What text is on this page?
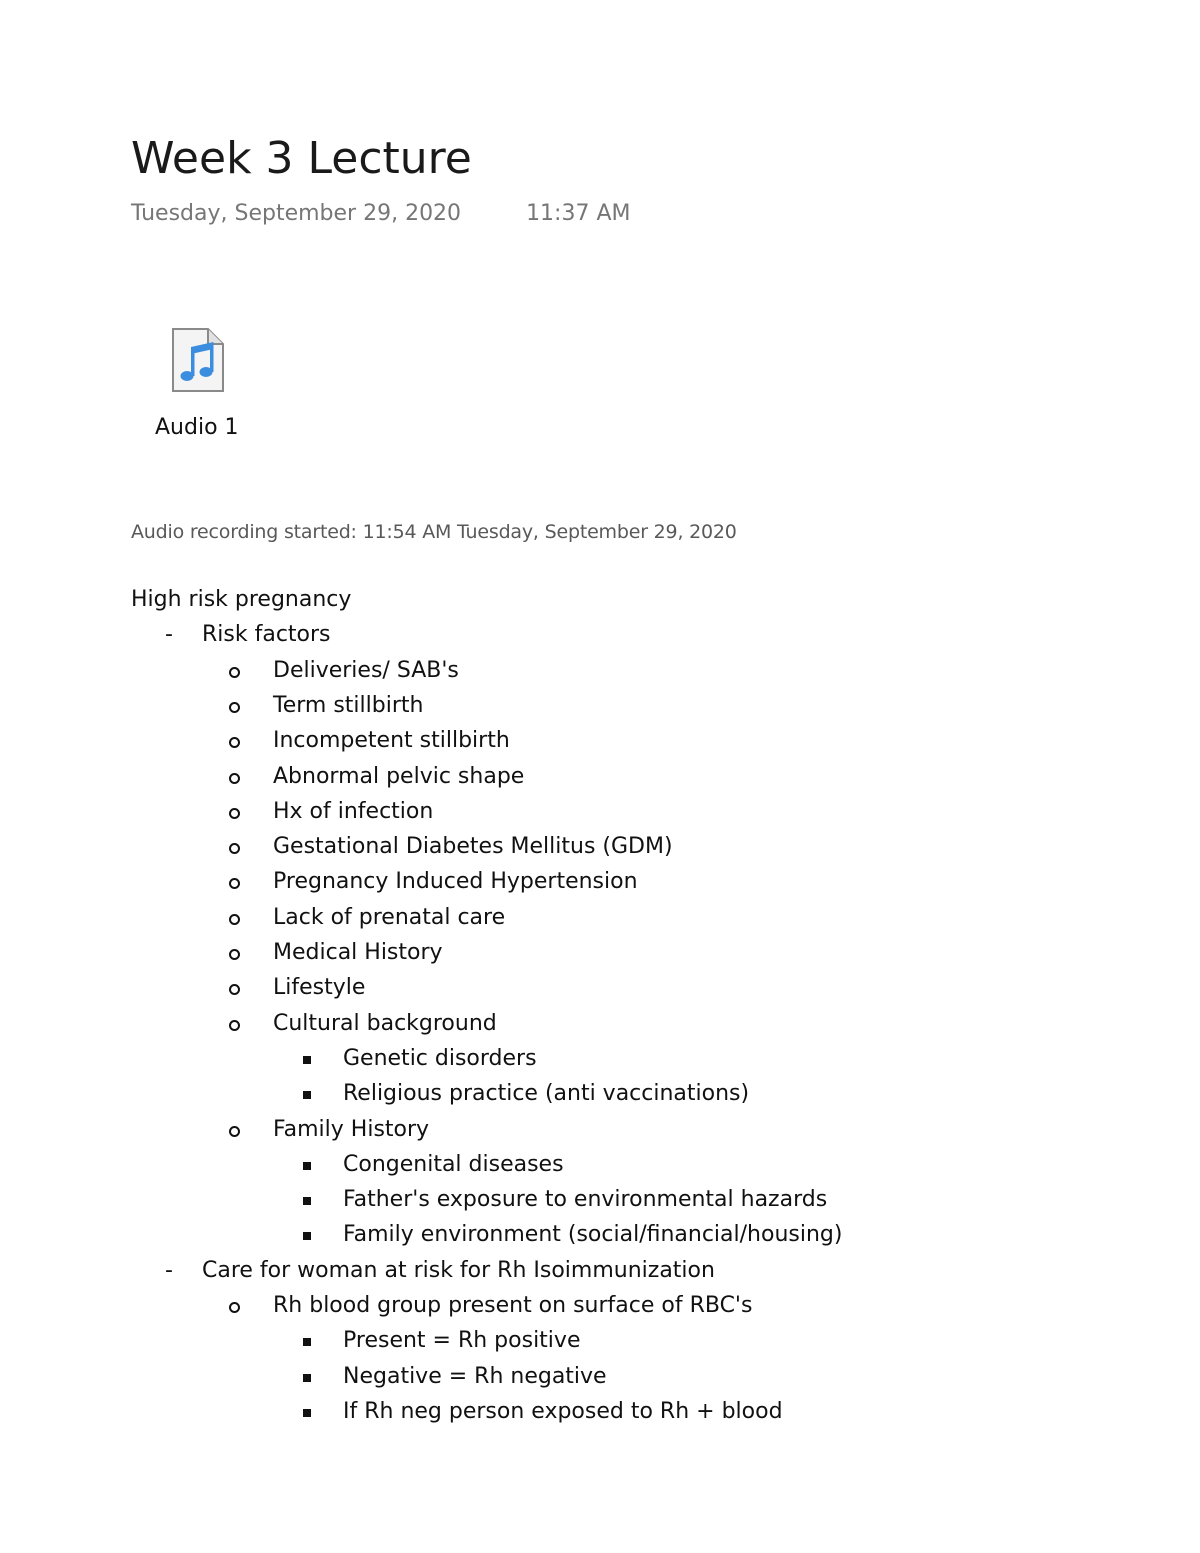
Week 3 Lecture
Tuesday, September 29, 2020	11:37 AM
Audio 1
Audio recording started: 11:54 AM Tuesday, September 29, 2020
High risk pregnancy
- Risk factors
Deliveries/ SAB's
Term stillbirth
Incompetent stillbirth
Abnormal pelvic shape
Hx of infection
Gestational Diabetes Mellitus (GDM)
Pregnancy Induced Hypertension
Lack of prenatal care
Medical History
Lifestyle
Cultural background
Genetic disorders
Religious practice (anti vaccinations)
Family History
Congenital diseases
Father's exposure to environmental hazards
Family environment (social/financial/housing)
- Care for woman at risk for Rh Isoimmunization
Rh blood group present on surface of RBC's
Present = Rh positive
Negative = Rh negative
If Rh neg person exposed to Rh + blood
